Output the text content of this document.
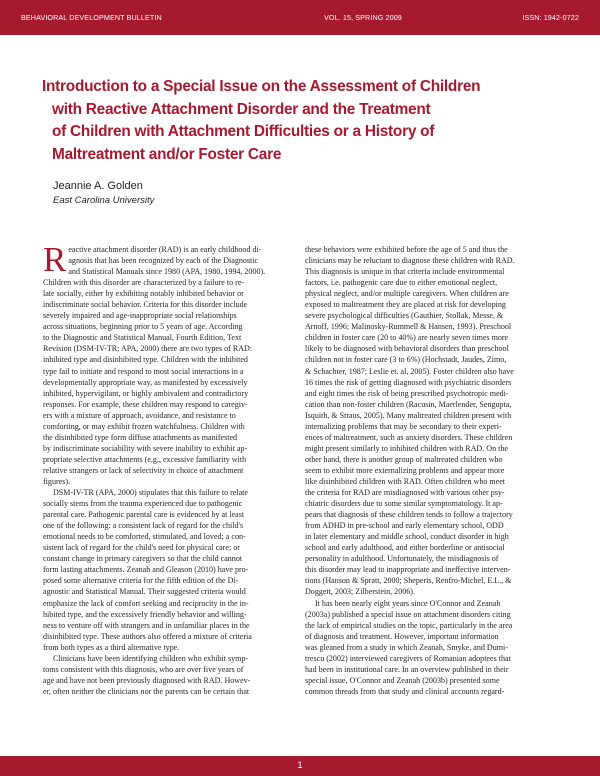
BEHAVIORAL DEVELOPMENT BULLETIN	VOL. 15, SPRING 2009	ISSN: 1942-0722
Introduction to a Special Issue on the Assessment of Children
with Reactive Attachment Disorder and the Treatment
of Children with Attachment Difficulties or a History of
Maltreatment and/or Foster Care
Jeannie A. Golden
East Carolina University
R eactive attachment disorder (RAD) is an early childhood di-
agnosis that has been recognized by each of the Diagnostic
and Statistical Manuals since 1980 (APA, 1980, 1994, 2000).
Children with this disorder are characterized by a failure to re-
late socially, either by exhibiting notably inhibited behavior or
indiscriminate social behavior. Criteria for this disorder include
severely impaired and age-inappropriate social relationships
across situations, beginning prior to 5 years of age. According
to the Diagnostic and Statistical Manual, Fourth Edition, Text
Revision (DSM-IV-TR; APA, 2000) there are two types of RAD:
inhibited type and disinhibited type. Children with the inhibited
type fail to initiate and respond to most social interactions in a
developmentally appropriate way, as manifested by excessively
inhibited, hypervigilant, or highly ambivalent and contradictory
responses. For example, these children may respond to caregiv-
ers with a mixture of approach, avoidance, and resistance to
comforting, or may exhibit frozen watchfulness. Children with
the disinhibited type form diffuse attachments as manifested
by indiscriminate sociability with severe inability to exhibit ap-
propriate selective attachments (e.g., excessive familiarity with
relative strangers or lack of selectivity in choice of attachment
figures).
DSM-IV-TR (APA, 2000) stipulates that this failure to relate
socially stems from the trauma experienced due to pathogenic
parental care. Pathogenic parental care is evidenced by at least
one of the following: a consistent lack of regard for the child's
emotional needs to be comforted, stimulated, and loved; a con-
sistent lack of regard for the child's need for physical care; or
constant change in primary caregivers so that the child cannot
form lasting attachments. Zeanah and Gleason (2010) have pro-
posed some alternative criteria for the fifth edition of the Di-
agnostic and Statistical Manual. Their suggested criteria would
emphasize the lack of comfort seeking and reciprocity in the in-
hibited type, and the excessively friendly behavior and willing-
ness to venture off with strangers and in unfamiliar places in the
disinhibited type. These authors also offered a mixture of criteria
from both types as a third alternative type.
Clinicians have been identifying children who exhibit symp-
toms consistent with this diagnosis, who are over five years of
age and have not been previously diagnosed with RAD. Howev-
er, often neither the clinicians nor the parents can be certain that
these behaviors were exhibited before the age of 5 and thus the
clinicians may be reluctant to diagnose these children with RAD.
This diagnosis is unique in that criteria include environmental
factors, i.e. pathogenic care due to either emotional neglect,
physical neglect, and/or multiple caregivers. When children are
exposed to maltreatment they are placed at risk for developing
severe psychological difficulties (Gauthier, Stollak, Messe, &
Arnoff, 1996; Malinosky-Rummell & Hansen, 1993). Preschool
children in foster care (20 to 40%) are nearly seven times more
likely to be diagnosed with behavioral disorders than preschool
children not in foster care (3 to 6%) (Hochstadt, Jaudes, Zimo,
& Schachter, 1987; Leslie et. al, 2005). Foster children also have
16 times the risk of getting diagnosed with psychiatric disorders
and eight times the risk of being prescribed psychotropic medi-
cation than non-foster children (Racusin, Maerlender, Sengupta,
Isquith, & Straus, 2005). Many maltreated children present with
internalizing problems that may be secondary to their experi-
ences of maltreatment, such as anxiety disorders. These children
might present similarly to inhibited children with RAD. On the
other hand, there is another group of maltreated children who
seem to exhibit more externalizing problems and appear more
like disinhibited children with RAD. Often children who meet
the criteria for RAD are misdiagnosed with various other psy-
chiatric disorders due to some similar symptomatology. It ap-
pears that diagnosis of these children tends to follow a trajectory
from ADHD in pre-school and early elementary school, ODD
in later elementary and middle school, conduct disorder in high
school and early adulthood, and either borderline or antisocial
personality in adulthood. Unfortunately, the misdiagnosis of
this disorder may lead to inappropriate and ineffective interven-
tions (Hanson & Spratt, 2000; Sheperis, Renfro-Michel, E.L., &
Doggett, 2003; Zilberstein, 2006).
It has been nearly eight years since O'Connor and Zeanah
(2003a) published a special issue on attachment disorders citing
the lack of empirical studies on the topic, particularly in the area
of diagnosis and treatment. However, important information
was gleaned from a study in which Zeanah, Smyke, and Dumi-
trescu (2002) interviewed caregivers of Romanian adoptees that
had been in institutional care. In an overview published in their
special issue, O'Connor and Zeanah (2003b) presented some
common threads from that study and clinical accounts regard-
1
